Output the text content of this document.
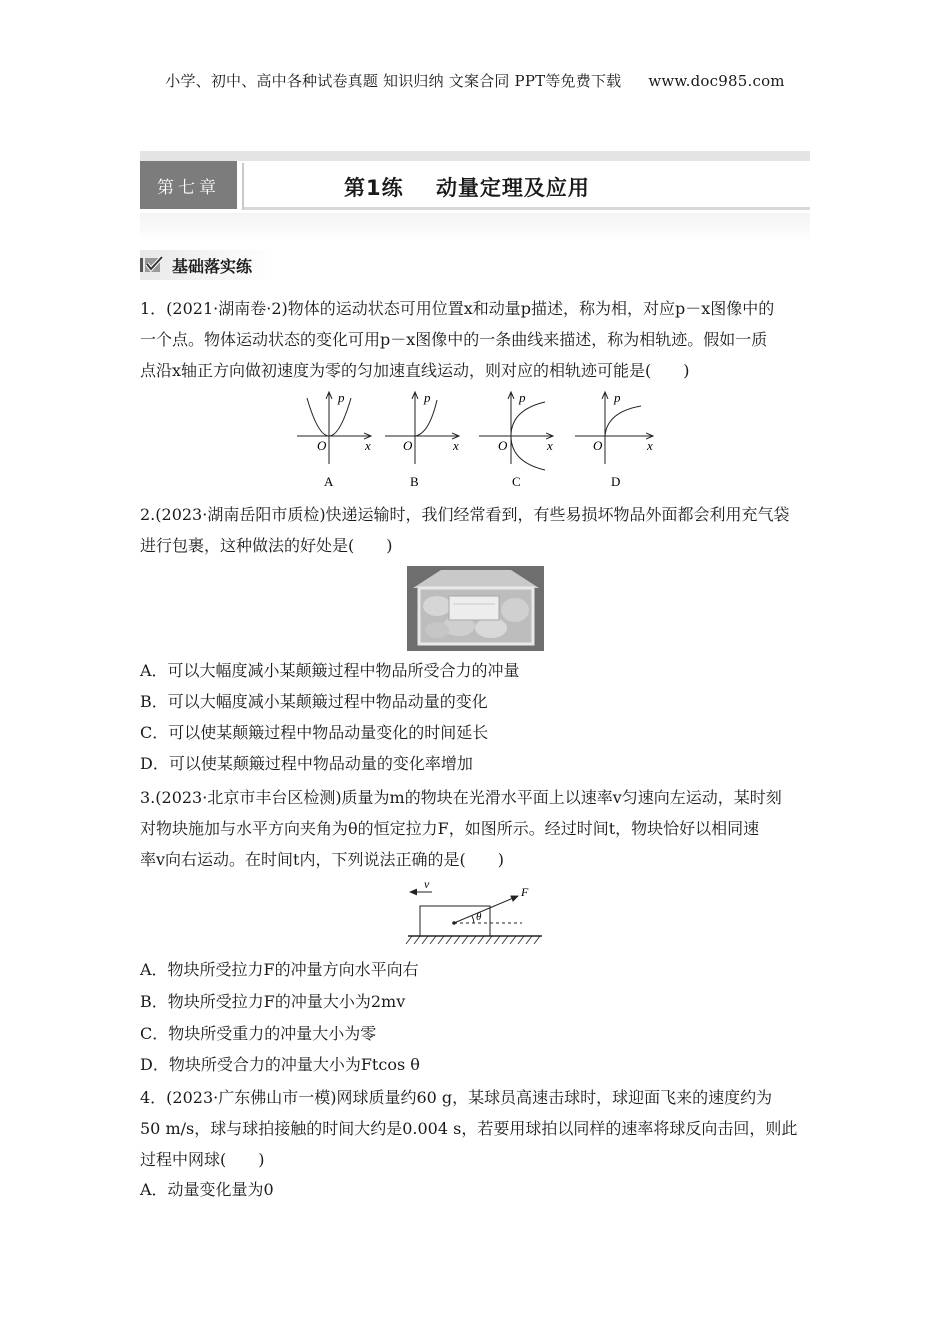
小学、初中、高中各种试卷真题 知识归纳 文案合同 PPT等免费下载 www.doc985.com
第七章	第1练 动量定理及应用
基础落实练
1．(2021·湖南卷·2)物体的运动状态可用位置x和动量p描述，称为相，对应p－x图像中的
一个点。物体运动状态的变化可用p－x图像中的一条曲线来描述，称为相轨迹。假如一质
点沿x轴正方向做初速度为零的匀加速直线运动，则对应的相轨迹可能是(　　)
p
x
O
A
p
x
O
B
p
x
O
C
p
x
O
D
2.(2023·湖南岳阳市质检)快递运输时，我们经常看到，有些易损坏物品外面都会利用充气袋
进行包裹，这种做法的好处是(　　)
A．可以大幅度减小某颠簸过程中物品所受合力的冲量
B．可以大幅度减小某颠簸过程中物品动量的变化
C．可以使某颠簸过程中物品动量变化的时间延长
D．可以使某颠簸过程中物品动量的变化率增加
3.(2023·北京市丰台区检测)质量为m的物块在光滑水平面上以速率v匀速向左运动，某时刻
对物块施加与水平方向夹角为θ的恒定拉力F，如图所示。经过时间t，物块恰好以相同速
率v向右运动。在时间t内，下列说法正确的是(　　)
v
θ
F
A．物块所受拉力F的冲量方向水平向右
B．物块所受拉力F的冲量大小为2mv
C．物块所受重力的冲量大小为零
D．物块所受合力的冲量大小为Ftcos θ
4．(2023·广东佛山市一模)网球质量约60 g，某球员高速击球时，球迎面飞来的速度约为
50 m/s，球与球拍接触的时间大约是0.004 s，若要用球拍以同样的速率将球反向击回，则此
过程中网球(　　)
A．动量变化量为0
